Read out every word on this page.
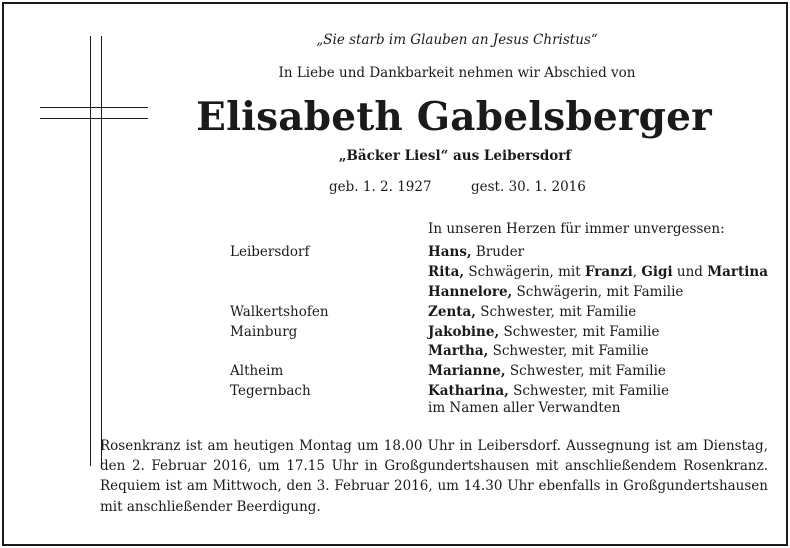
„Sie starb im Glauben an Jesus Christus“
In Liebe und Dankbarkeit nehmen wir Abschied von
Elisabeth Gabelsberger
„Bäcker Liesl“ aus Leibersdorf
geb. 1. 2. 1927	gest. 30. 1. 2016
In unseren Herzen für immer unvergessen:
Leibersdorf	Hans, Bruder
Rita, Schwägerin, mit Franzi, Gigi und Martina
Hannelore, Schwägerin, mit Familie
Walkertshofen	Zenta, Schwester, mit Familie
Mainburg	Jakobine, Schwester, mit Familie
Martha, Schwester, mit Familie
Altheim	Marianne, Schwester, mit Familie
Tegernbach	Katharina, Schwester, mit Familie
im Namen aller Verwandten
Rosenkranz ist am heutigen Montag um 18.00 Uhr in Leibersdorf. Aussegnung ist am Dienstag, den 2. Februar 2016, um 17.15 Uhr in Großgundertshausen mit anschließendem Rosenkranz. Requiem ist am Mittwoch, den 3. Februar 2016, um 14.30 Uhr ebenfalls in Großgundertshausen mit anschließender Beerdigung.
